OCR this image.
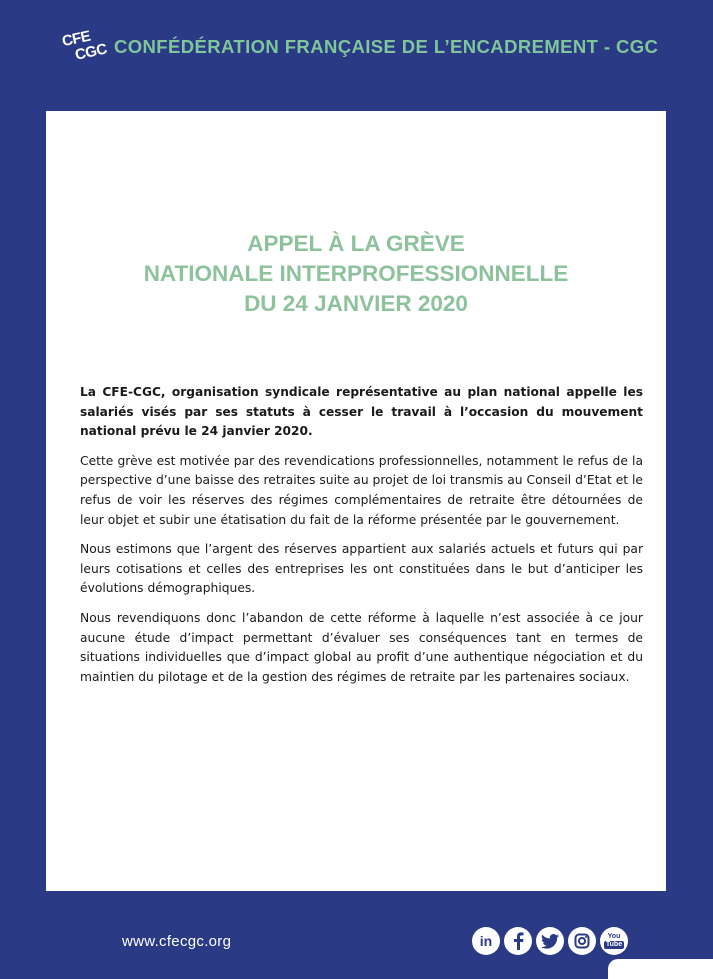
CFE
CGC CONFÉDÉRATION FRANÇAISE DE L’ENCADREMENT - CGC
APPEL À LA GRÈVE
NATIONALE INTERPROFESSIONNELLE
DU 24 JANVIER 2020

La CFE-CGC, organisation syndicale représentative au plan national appelle les salariés visés par ses statuts à cesser le travail à l’occasion du mouvement national prévu le 24 janvier 2020.

Cette grève est motivée par des revendications professionnelles, notamment le refus de la perspective d’une baisse des retraites suite au projet de loi transmis au Conseil d’Etat et le refus de voir les réserves des régimes complémentaires de retraite être détournées de leur objet et subir une étatisation du fait de la réforme présentée par le gouvernement.

Nous estimons que l’argent des réserves appartient aux salariés actuels et futurs qui par leurs cotisations et celles des entreprises les ont constituées dans le but d’anticiper les évolutions démographiques.

Nous revendiquons donc l’abandon de cette réforme à laquelle n’est associée à ce jour aucune étude d’impact permettant d’évaluer ses conséquences tant en termes de situations individuelles que d’impact global au profit d’une authentique négociation et du maintien du pilotage et de la gestion des régimes de retraite par les partenaires sociaux.

www.cfecgc.org	in	You
Tube
